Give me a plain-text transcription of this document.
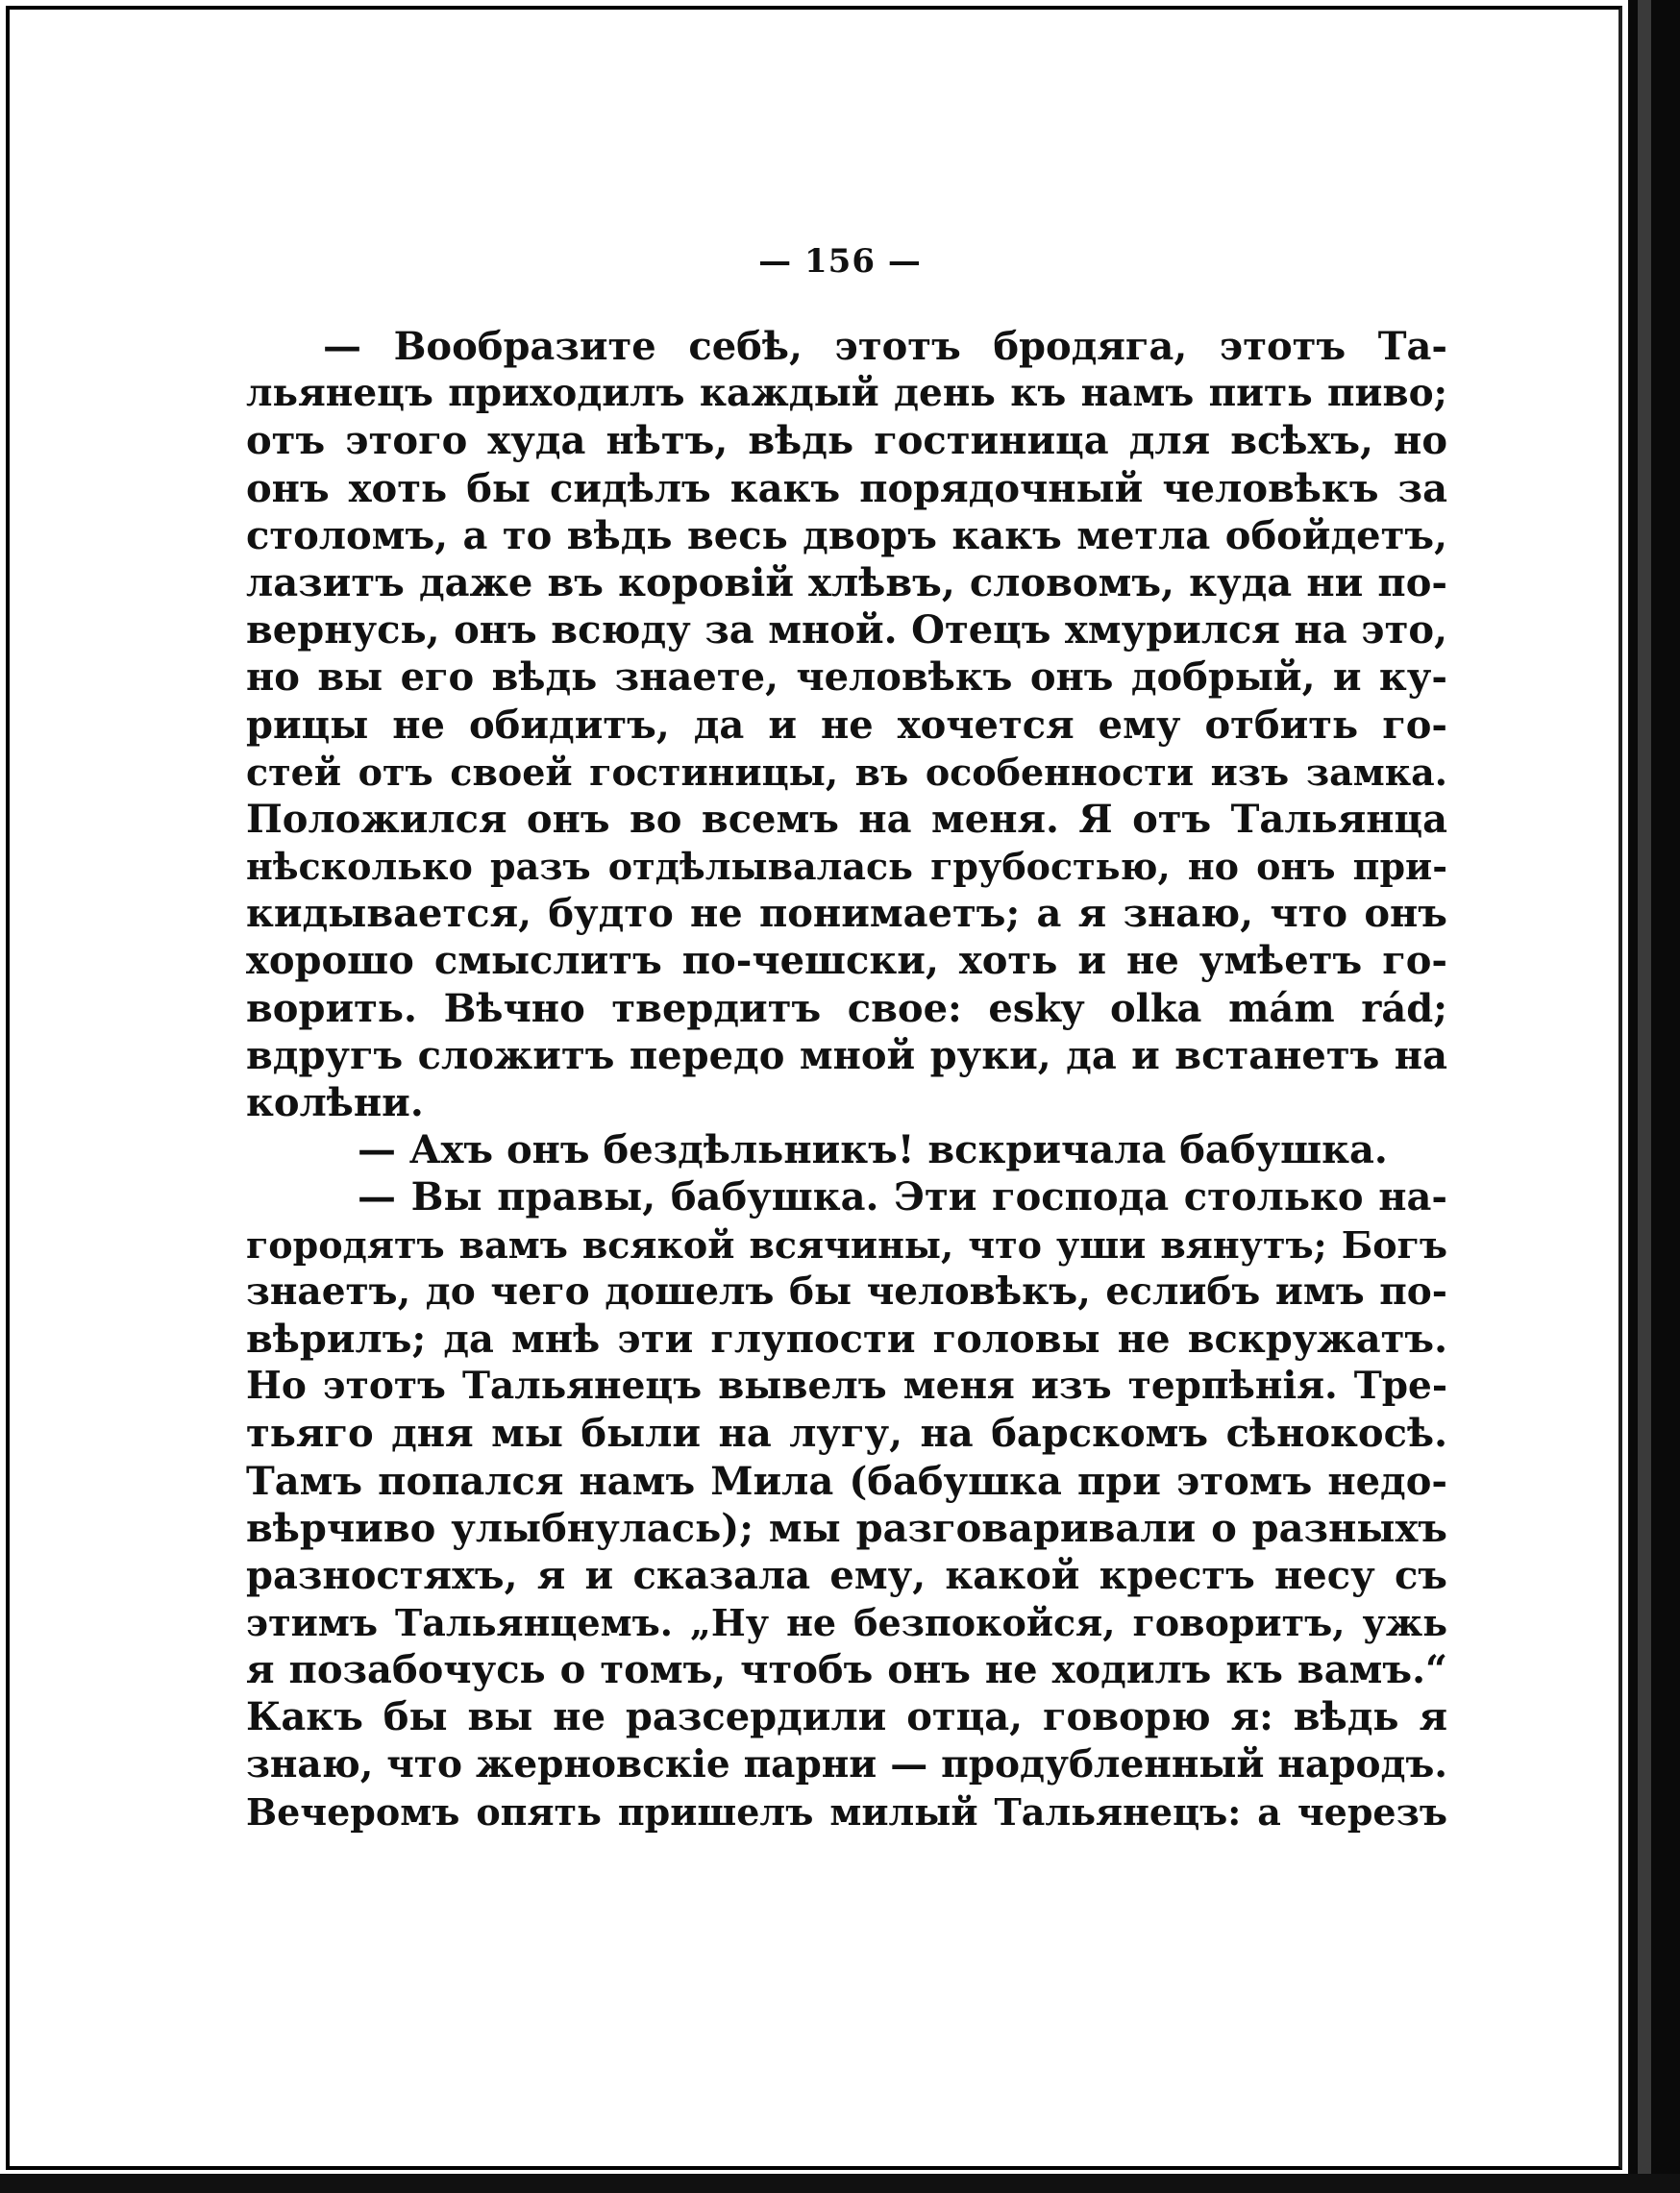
— 156 —
— Вообразите себѣ, этотъ бродяга, этотъ Та-
льянецъ приходилъ каждый день къ намъ пить пиво;
отъ этого худа нѣтъ, вѣдь гостиница для всѣхъ, но
онъ хоть бы сидѣлъ какъ порядочный человѣкъ за
столомъ, а то вѣдь весь дворъ какъ метла обойдетъ,
лазитъ даже въ коровій хлѣвъ, словомъ, куда ни по-
вернусь, онъ всюду за мной. Отецъ хмурился на это,
но вы его вѣдь знаете, человѣкъ онъ добрый, и ку-
рицы не обидитъ, да и не хочется ему отбить го-
стей отъ своей гостиницы, въ особенности изъ замка.
Положился онъ во всемъ на меня. Я отъ Тальянца
нѣсколько разъ отдѣлывалась грубостью, но онъ при-
кидывается, будто не понимаетъ; а я знаю, что онъ
хорошо смыслитъ по-чешски, хоть и не умѣетъ го-
ворить. Вѣчно твердитъ свое: esky olka mám rád;
вдругъ сложитъ передо мной руки, да и встанетъ на
колѣни.
— Ахъ онъ бездѣльникъ! вскричала бабушка.
— Вы правы, бабушка. Эти господа столько на-
городятъ вамъ всякой всячины, что уши вянутъ; Богъ
знаетъ, до чего дошелъ бы человѣкъ, еслибъ имъ по-
вѣрилъ; да мнѣ эти глупости головы не вскружатъ.
Но этотъ Тальянецъ вывелъ меня изъ терпѣнія. Тре-
тьяго дня мы были на лугу, на барскомъ сѣнокосѣ.
Тамъ попался намъ Мила (бабушка при этомъ недо-
вѣрчиво улыбнулась); мы разговаривали о разныхъ
разностяхъ, я и сказала ему, какой крестъ несу съ
этимъ Тальянцемъ. „Ну не безпокойся, говоритъ, ужь
я позабочусь о томъ, чтобъ онъ не ходилъ къ вамъ.“
Какъ бы вы не разсердили отца, говорю я: вѣдь я
знаю, что жерновскіе парни — продубленный народъ.
Вечеромъ опять пришелъ милый Тальянецъ: а черезъ
